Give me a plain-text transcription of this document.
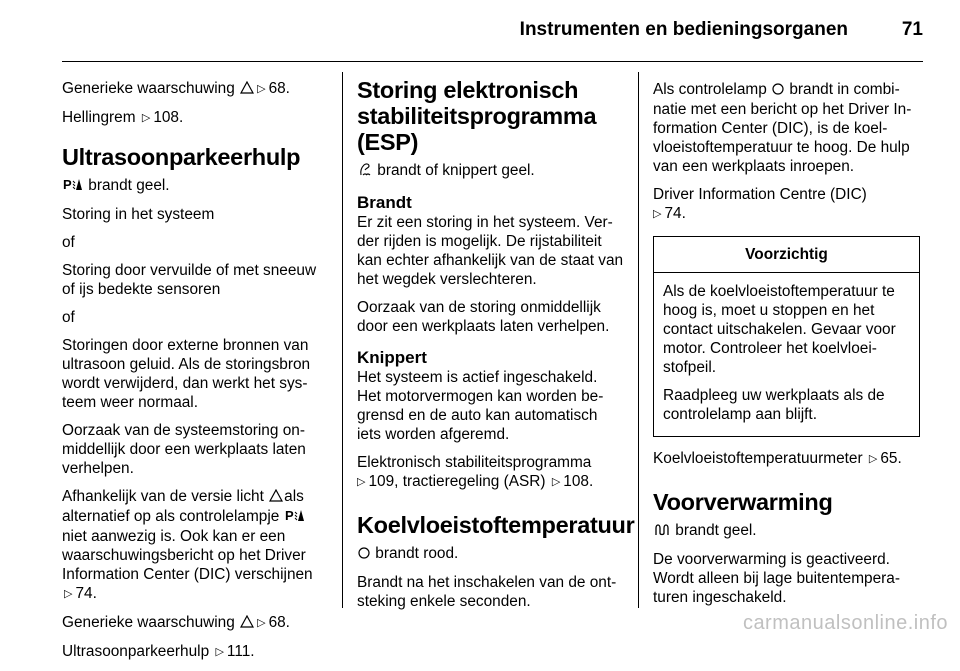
Instrumenten en bedieningsorganen	71

Generieke waarschuwing ▷ 68.

Hellingrem ▷ 108.

Ultrasoonparkeerhulp

P brandt geel.

Storing in het systeem

of

Storing door vervuilde of met sneeuw of ijs bedekte sensoren

of

Storingen door externe bronnen van ultrasoon geluid. Als de storingsbron wordt verwijderd, dan werkt het sys- teem weer normaal.

Oorzaak van de systeemstoring on- middellijk door een werkplaats laten verhelpen.

Afhankelijk van de versie licht als alternatief op als controlelampje P
niet aanwezig is. Ook kan er een waarschuwingsbericht op het Driver Information Center (DIC) verschijnen ▷ 74.

Generieke waarschuwing ▷ 68.

Ultrasoonparkeerhulp ▷ 111.

Storing elektronisch stabiliteitsprogramma (ESP)

brandt of knippert geel.

Brandt

Er zit een storing in het systeem. Ver- der rijden is mogelijk. De rijstabiliteit kan echter afhankelijk van de staat van het wegdek verslechteren.

Oorzaak van de storing onmiddellijk door een werkplaats laten verhelpen.

Knippert

Het systeem is actief ingeschakeld. Het motorvermogen kan worden be- grensd en de auto kan automatisch iets worden afgeremd.

Elektronisch stabiliteitsprogramma
▷ 109, tractieregeling (ASR) ▷ 108.

Koelvloeistoftemperatuur

brandt rood.

Brandt na het inschakelen van de ont- steking enkele seconden.

Als controlelamp brandt in combi- natie met een bericht op het Driver In- formation Center (DIC), is de koel- vloeistoftemperatuur te hoog. De hulp van een werkplaats inroepen.

Driver Information Centre (DIC)
▷ 74.

Voorzichtig

Als de koelvloeistoftemperatuur te hoog is, moet u stoppen en het contact uitschakelen. Gevaar voor motor. Controleer het koelvloei- stofpeil.

Raadpleeg uw werkplaats als de controlelamp aan blijft.

Koelvloeistoftemperatuurmeter ▷ 65.

Voorverwarming

brandt geel.

De voorverwarming is geactiveerd. Wordt alleen bij lage buitentempera- turen ingeschakeld.

carmanualsonline.info
